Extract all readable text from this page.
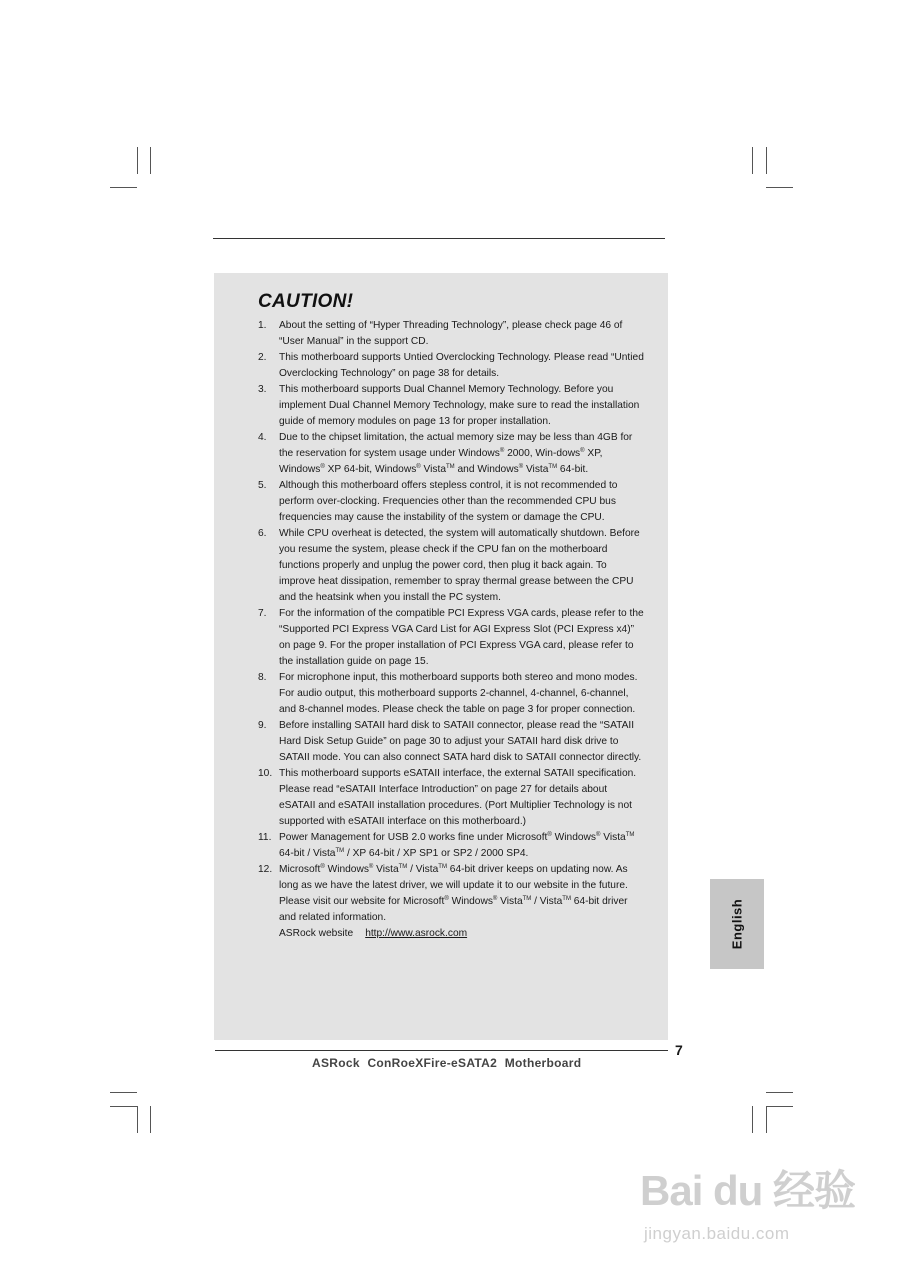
CAUTION!
1. About the setting of “Hyper Threading Technology”, please check page 46 of “User Manual” in the support CD.
2. This motherboard supports Untied Overclocking Technology. Please read “Untied Overclocking Technology” on page 38 for details.
3. This motherboard supports Dual Channel Memory Technology. Before you implement Dual Channel Memory Technology, make sure to read the installation guide of memory modules on page 13 for proper installation.
4. Due to the chipset limitation, the actual memory size may be less than 4GB for the reservation for system usage under Windows® 2000, Win-dows® XP, Windows® XP 64-bit, Windows® Vista™ and Windows® Vista™ 64-bit.
5. Although this motherboard offers stepless control, it is not recommended to perform over-clocking. Frequencies other than the recommended CPU bus frequencies may cause the instability of the system or damage the CPU.
6. While CPU overheat is detected, the system will automatically shutdown. Before you resume the system, please check if the CPU fan on the motherboard functions properly and unplug the power cord, then plug it back again. To improve heat dissipation, remember to spray thermal grease between the CPU and the heatsink when you install the PC system.
7. For the information of the compatible PCI Express VGA cards, please refer to the “Supported PCI Express VGA Card List for AGI Express Slot (PCI Express x4)” on page 9. For the proper installation of PCI Express VGA card, please refer to the installation guide on page 15.
8. For microphone input, this motherboard supports both stereo and mono modes. For audio output, this motherboard supports 2-channel, 4-channel, 6-channel, and 8-channel modes. Please check the table on page 3 for proper connection.
9. Before installing SATAII hard disk to SATAII connector, please read the “SATAII Hard Disk Setup Guide” on page 30 to adjust your SATAII hard disk drive to SATAII mode. You can also connect SATA hard disk to SATAII connector directly.
10. This motherboard supports eSATAII interface, the external SATAII specification. Please read “eSATAII Interface Introduction” on page 27 for details about eSATAII and eSATAII installation procedures. (Port Multiplier Technology is not supported with eSATAII interface on this motherboard.)
11. Power Management for USB 2.0 works fine under Microsoft® Windows® Vista™ 64-bit / Vista™ / XP 64-bit / XP SP1 or SP2 / 2000 SP4.
12. Microsoft® Windows® Vista™ / Vista™ 64-bit driver keeps on updating now. As long as we have the latest driver, we will update it to our website in the future. Please visit our website for Microsoft® Windows® Vista™ / Vista™ 64-bit driver and related information.
ASRock website http://www.asrock.com
7
ASRock ConRoeXFire-eSATA2 Motherboard
English
Bai du 经验
jingyan.baidu.com
